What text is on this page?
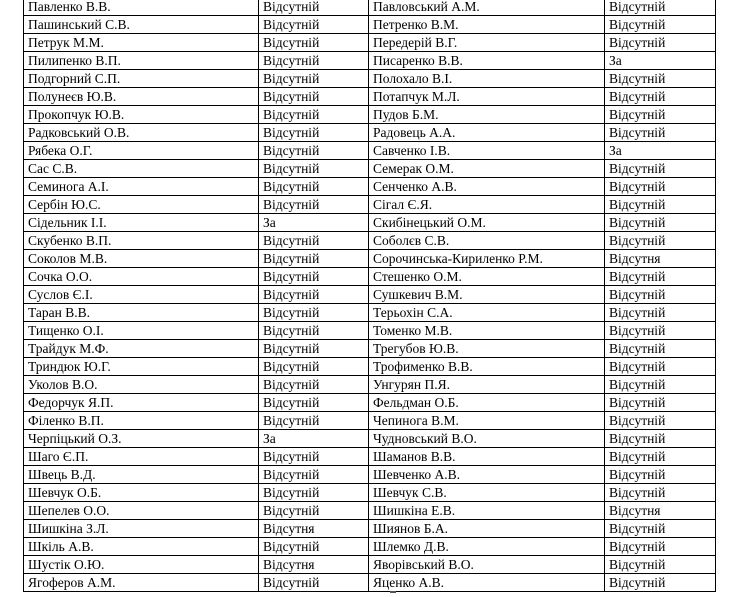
Павленко В.В.	Відсутній	Павловський А.М.	Відсутній
Пашинський С.В.	Відсутній	Петренко В.М.	Відсутній
Петрук М.М.	Відсутній	Передерій В.Г.	Відсутній
Пилипенко В.П.	Відсутній	Писаренко В.В.	За
Подгорний С.П.	Відсутній	Полохало В.І.	Відсутній
Полунеєв Ю.В.	Відсутній	Потапчук М.Л.	Відсутній
Прокопчук Ю.В.	Відсутній	Пудов Б.М.	Відсутній
Радковський О.В.	Відсутній	Радовець А.А.	Відсутній
Рябека О.Г.	Відсутній	Савченко І.В.	За
Сас С.В.	Відсутній	Семерак О.М.	Відсутній
Семинога А.І.	Відсутній	Сенченко А.В.	Відсутній
Сербін Ю.С.	Відсутній	Сігал Є.Я.	Відсутній
Сідельник І.І.	За	Скибінецький О.М.	Відсутній
Скубенко В.П.	Відсутній	Соболєв С.В.	Відсутній
Соколов М.В.	Відсутній	Сорочинська-Кириленко Р.М.	Відсутня
Сочка О.О.	Відсутній	Стешенко О.М.	Відсутній
Суслов Є.І.	Відсутній	Сушкевич В.М.	Відсутній
Таран В.В.	Відсутній	Терьохін С.А.	Відсутній
Тищенко О.І.	Відсутній	Томенко М.В.	Відсутній
Трайдук М.Ф.	Відсутній	Трегубов Ю.В.	Відсутній
Триндюк Ю.Г.	Відсутній	Трофименко В.В.	Відсутній
Уколов В.О.	Відсутній	Унгурян П.Я.	Відсутній
Федорчук Я.П.	Відсутній	Фельдман О.Б.	Відсутній
Філенко В.П.	Відсутній	Чепинога В.М.	Відсутній
Черпіцький О.З.	За	Чудновський В.О.	Відсутній
Шаго Є.П.	Відсутній	Шаманов В.В.	Відсутній
Швець В.Д.	Відсутній	Шевченко А.В.	Відсутній
Шевчук О.Б.	Відсутній	Шевчук С.В.	Відсутній
Шепелев О.О.	Відсутній	Шишкіна Е.В.	Відсутня
Шишкіна З.Л.	Відсутня	Шиянов Б.А.	Відсутній
Шкіль А.В.	Відсутній	Шлемко Д.В.	Відсутній
Шустік О.Ю.	Відсутня	Яворівський В.О.	Відсутній
Ягоферов А.М.	Відсутній	Яценко А.В.	Відсутній
